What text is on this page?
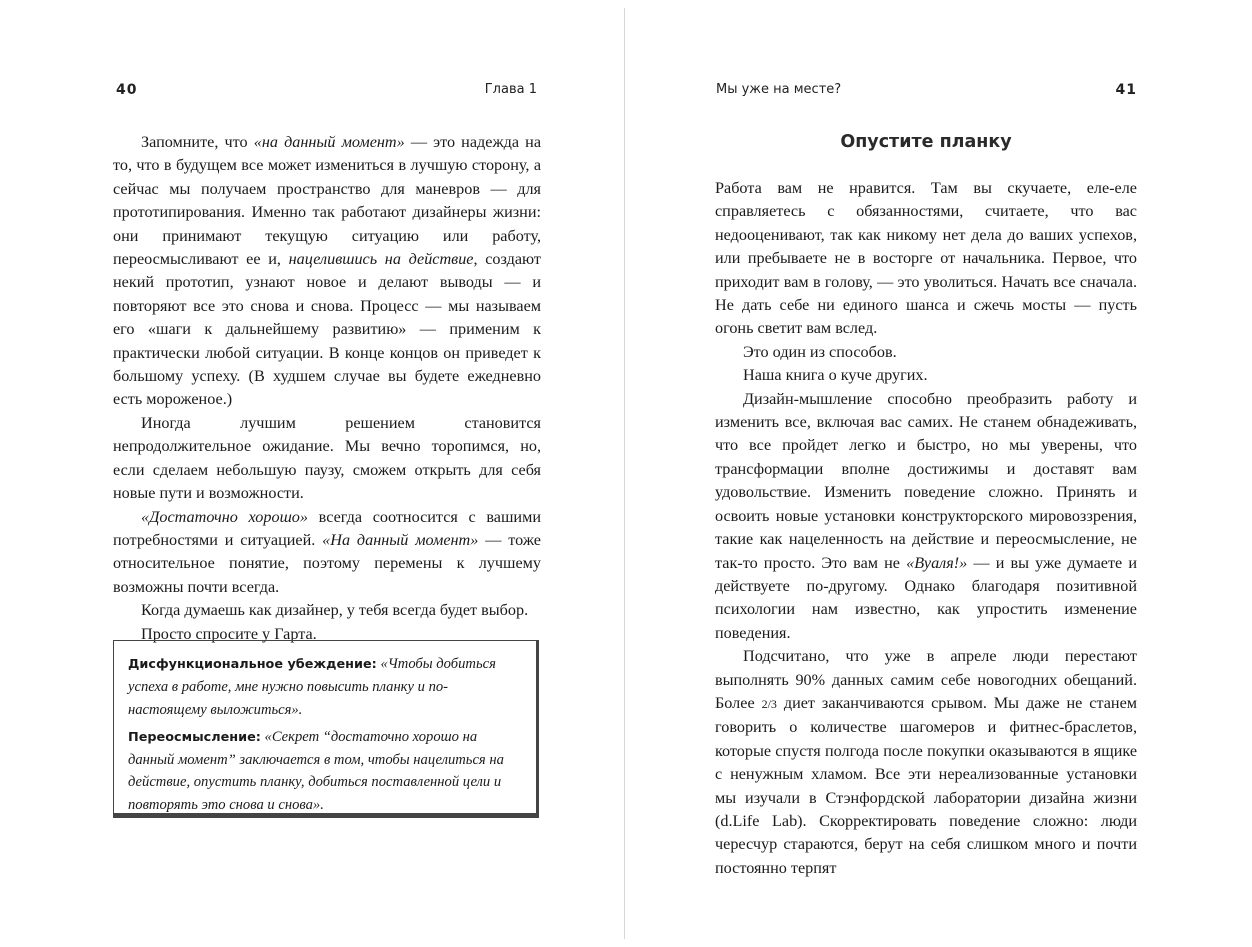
40	Глава 1

Запомните, что «на данный момент» — это надежда на то, что в будущем все может измениться в лучшую сторону, а сейчас мы получаем пространство для маневров — для прототипирования. Именно так работают дизайнеры жизни: они принимают текущую ситуацию или работу, переосмысливают ее и, нацелившись на действие, создают некий прототип, узнают новое и делают выводы — и повторяют все это снова и снова. Процесс — мы называем его «шаги к дальнейшему развитию» — применим к практически любой ситуации. В конце концов он приведет к большому успеху. (В худшем случае вы будете ежедневно есть мороженое.)

Иногда лучшим решением становится непродолжительное ожидание. Мы вечно торопимся, но, если сделаем небольшую паузу, сможем открыть для себя новые пути и возможности.

«Достаточно хорошо» всегда соотносится с вашими потребностями и ситуацией. «На данный момент» — тоже относительное понятие, поэтому перемены к лучшему возможны почти всегда.

Когда думаешь как дизайнер, у тебя всегда будет выбор.

Просто спросите у Гарта.

Дисфункциональное убеждение: «Чтобы добиться успеха в работе, мне нужно повысить планку и по-настоящему выложиться».

Переосмысление: «Секрет “достаточно хорошо на данный момент” заключается в том, чтобы нацелиться на действие, опустить планку, добиться поставленной цели и повторять это снова и снова».

Мы уже на месте?	41
Опустите планку

Работа вам не нравится. Там вы скучаете, еле-еле справляетесь с обязанностями, считаете, что вас недооценивают, так как никому нет дела до ваших успехов, или пребываете не в восторге от начальника. Первое, что приходит вам в голову, — это уволиться. Начать все сначала. Не дать себе ни единого шанса и сжечь мосты — пусть огонь светит вам вслед.

Это один из способов.

Наша книга о куче других.

Дизайн-мышление способно преобразить работу и изменить все, включая вас самих. Не станем обнадеживать, что все пройдет легко и быстро, но мы уверены, что трансформации вполне достижимы и доставят вам удовольствие. Изменить поведение сложно. Принять и освоить новые установки конструкторского мировоззрения, такие как нацеленность на действие и переосмысление, не так-то просто. Это вам не «Вуаля!» — и вы уже думаете и действуете по-другому. Однако благодаря позитивной психологии нам известно, как упростить изменение поведения.

Подсчитано, что уже в апреле люди перестают выполнять 90% данных самим себе новогодних обещаний. Более 2/3 диет заканчиваются срывом. Мы даже не станем говорить о количестве шагомеров и фитнес-браслетов, которые спустя полгода после покупки оказываются в ящике с ненужным хламом. Все эти нереализованные установки мы изучали в Стэнфордской лаборатории дизайна жизни (d.Life Lab). Скорректировать поведение сложно: люди чересчур стараются, берут на себя слишком много и почти постоянно терпят
